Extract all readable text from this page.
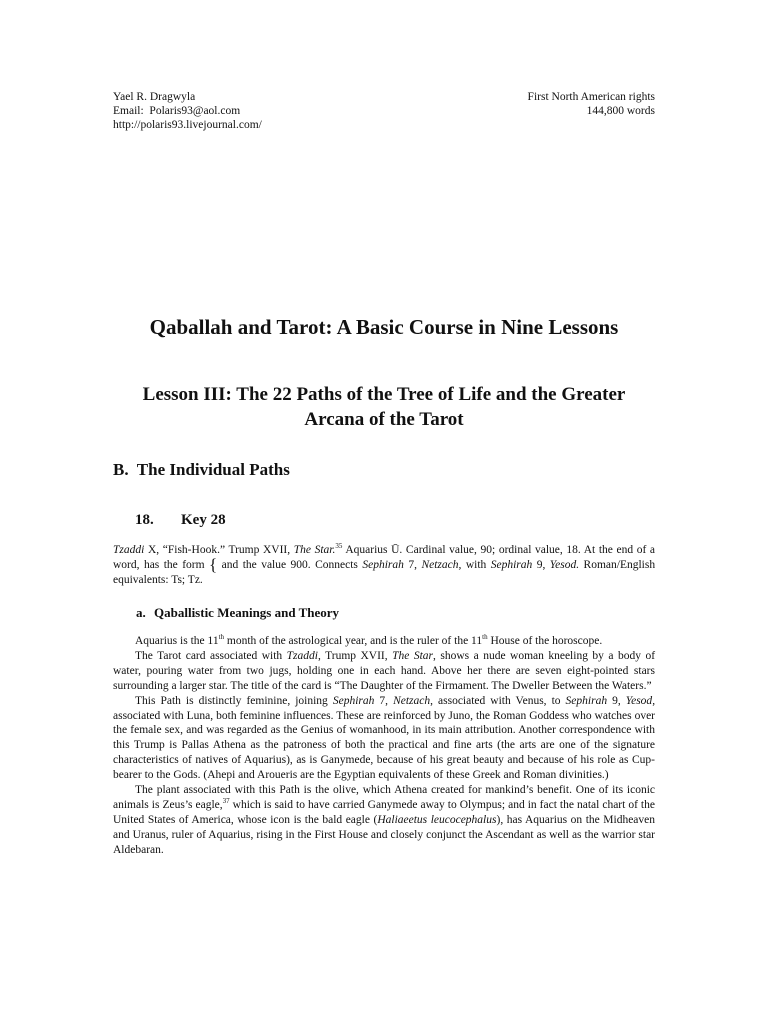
Yael R. Dragwyla
Email: Polaris93@aol.com
http://polaris93.livejournal.com/
First North American rights
144,800 words
Qaballah and Tarot: A Basic Course in Nine Lessons
Lesson III: The 22 Paths of the Tree of Life and the Greater Arcana of the Tarot
B. The Individual Paths
18. Key 28
Tzaddi X, “Fish-Hook.” Trump XVII, The Star.$^{35}$ Aquarius Ū. Cardinal value, 90; ordinal value, 18. At the end of a word, has the form { and the value 900. Connects Sephirah 7, Netzach, with Sephirah 9, Yesod. Roman/English equivalents: Ts; Tz.
a. Qaballistic Meanings and Theory

Aquarius is the 11th month of the astrological year, and is the ruler of the 11th House of the horoscope.

The Tarot card associated with Tzaddi, Trump XVII, The Star, shows a nude woman kneeling by a body of water, pouring water from two jugs, holding one in each hand. Above her there are seven eight-pointed stars surrounding a larger star. The title of the card is “The Daughter of the Firmament. The Dweller Between the Waters.”

This Path is distinctly feminine, joining Sephirah 7, Netzach, associated with Venus, to Sephirah 9, Yesod, associated with Luna, both feminine influences. These are reinforced by Juno, the Roman Goddess who watches over the female sex, and was regarded as the Genius of womanhood, in its main attribution. Another correspondence with this Trump is Pallas Athena as the patroness of both the practical and fine arts (the arts are one of the signature characteristics of natives of Aquarius), as is Ganymede, because of his great beauty and because of his role as Cup-bearer to the Gods. (Ahepi and Aroueris are the Egyptian equivalents of these Greek and Roman divinities.)

The plant associated with this Path is the olive, which Athena created for mankind’s benefit. One of its iconic animals is Zeus’s eagle,$^{37}$ which is said to have carried Ganymede away to Olympus; and in fact the natal chart of the United States of America, whose icon is the bald eagle (Haliaeetus leucocephalus), has Aquarius on the Midheaven and Uranus, ruler of Aquarius, rising in the First House and closely conjunct the Ascendant as well as the warrior star Aldebaran.
